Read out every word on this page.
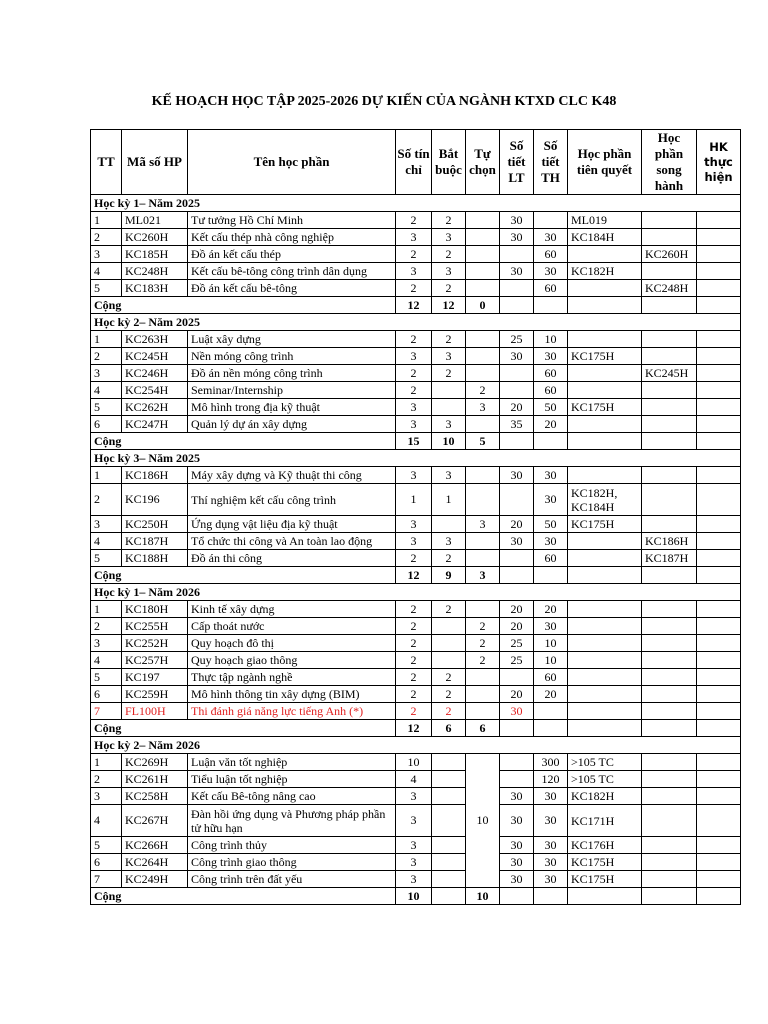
KẾ HOẠCH HỌC TẬP 2025-2026 DỰ KIẾN CỦA NGÀNH KTXD CLC K48
TT	Mã số HP	Tên học phần	Số tín chỉ	Bắt buộc	Tự chọn	Số tiết LT	Số tiết TH	Học phần tiên quyết	Học phần song hành	HK thực hiện
Học kỳ 1– Năm 2025										
1	ML021	Tư tưởng Hồ Chí Minh	2	2		30		ML019		
2	KC260H	Kết cấu thép nhà công nghiệp	3	3		30	30	KC184H		
3	KC185H	Đồ án kết cấu thép	2	2			60		KC260H	
4	KC248H	Kết cấu bê-tông công trình dân dụng	3	3		30	30	KC182H		
5	KC183H	Đồ án kết cấu bê-tông	2	2			60		KC248H	
Cộng			12	12	0					
Học kỳ 2– Năm 2025										
1	KC263H	Luật xây dựng	2	2		25	10			
2	KC245H	Nền móng công trình	3	3		30	30	KC175H		
3	KC246H	Đồ án nền móng công trình	2	2			60		KC245H	
4	KC254H	Seminar/Internship	2		2		60			
5	KC262H	Mô hình trong địa kỹ thuật	3		3	20	50	KC175H		
6	KC247H	Quản lý dự án xây dựng	3	3		35	20			
Cộng			15	10	5					
Học kỳ 3– Năm 2025										
1	KC186H	Máy xây dựng và Kỹ thuật thi công	3	3		30	30			
2	KC196	Thí nghiệm kết cấu công trình	1	1			30	KC182H, KC184H		
3	KC250H	Ứng dụng vật liệu địa kỹ thuật	3		3	20	50	KC175H		
4	KC187H	Tổ chức thi công và An toàn lao động	3	3		30	30		KC186H	
5	KC188H	Đồ án thi công	2	2			60		KC187H	
Cộng			12	9	3					
Học kỳ 1– Năm 2026										
1	KC180H	Kinh tế xây dựng	2	2		20	20			
2	KC255H	Cấp thoát nước	2		2	20	30			
3	KC252H	Quy hoạch đô thị	2		2	25	10			
4	KC257H	Quy hoạch giao thông	2		2	25	10			
5	KC197	Thực tập ngành nghề	2	2			60			
6	KC259H	Mô hình thông tin xây dựng (BIM)	2	2		20	20			
7	FL100H	Thi đánh giá năng lực tiếng Anh (*)	2	2		30				
Cộng			12	6	6					
Học kỳ 2– Năm 2026										
1	KC269H	Luận văn tốt nghiệp	10		10		300	>105 TC		
2	KC261H	Tiểu luận tốt nghiệp	4				120	>105 TC		
3	KC258H	Kết cấu Bê-tông nâng cao	3			30	30	KC182H		
4	KC267H	Đàn hồi ứng dụng và Phương pháp phần tử hữu hạn	3			30	30	KC171H		
5	KC266H	Công trình thủy	3			30	30	KC176H		
6	KC264H	Công trình giao thông	3			30	30	KC175H		
7	KC249H	Công trình trên đất yếu	3			30	30	KC175H		
Cộng			10		10					
